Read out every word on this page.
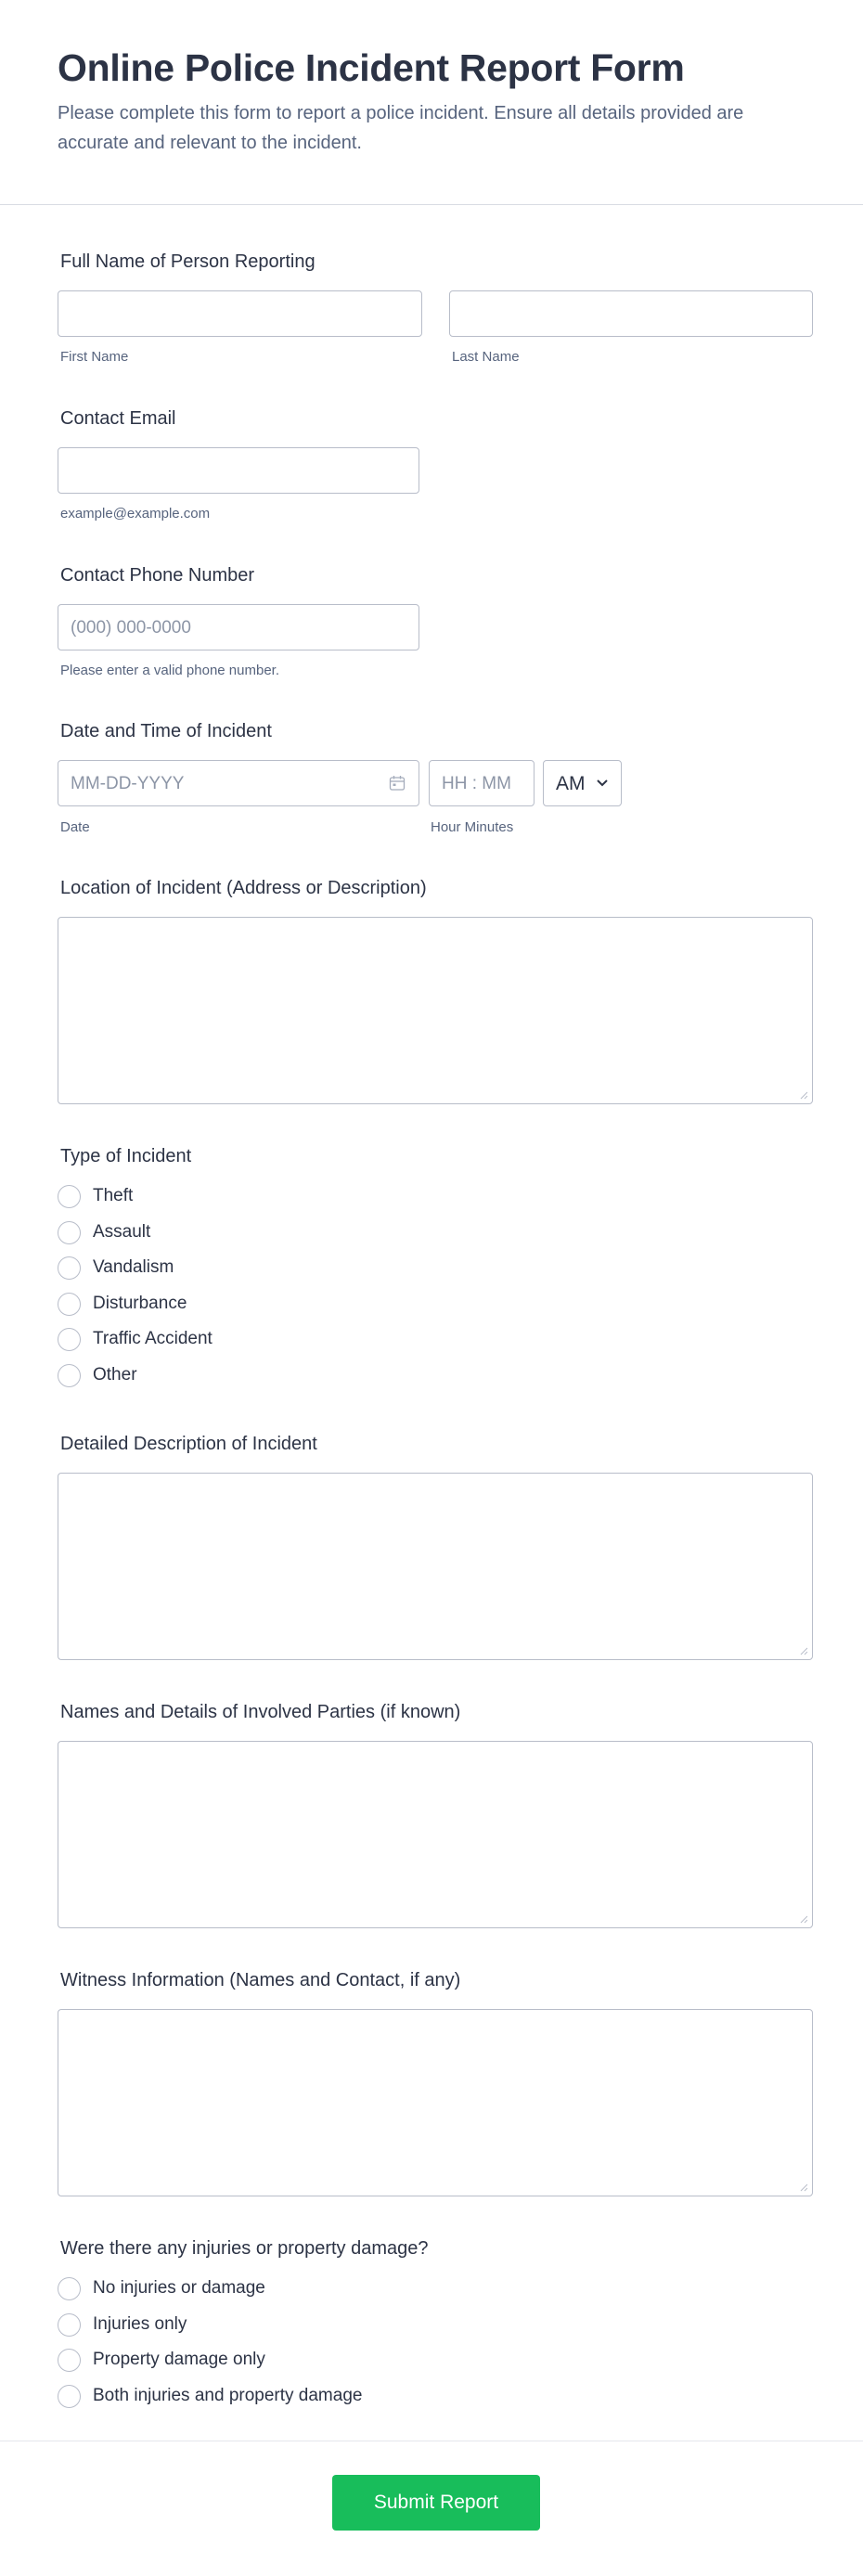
Online Police Incident Report Form

Please complete this form to report a police incident. Ensure all details provided are accurate and relevant to the incident.

Full Name of Person Reporting
First Name	Last Name
Contact Email
example@example.com
Contact Phone Number
(000) 000-0000
Please enter a valid phone number.
Date and Time of Incident
MM-DD-YYYY
Date
HH : MM
Hour Minutes
AM
Location of Incident (Address or Description)
Type of Incident
Theft
Assault
Vandalism
Disturbance
Traffic Accident
Other
Detailed Description of Incident
Names and Details of Involved Parties (if known)
Witness Information (Names and Contact, if any)
Were there any injuries or property damage?
No injuries or damage
Injuries only
Property damage only
Both injuries and property damage
Submit Report
